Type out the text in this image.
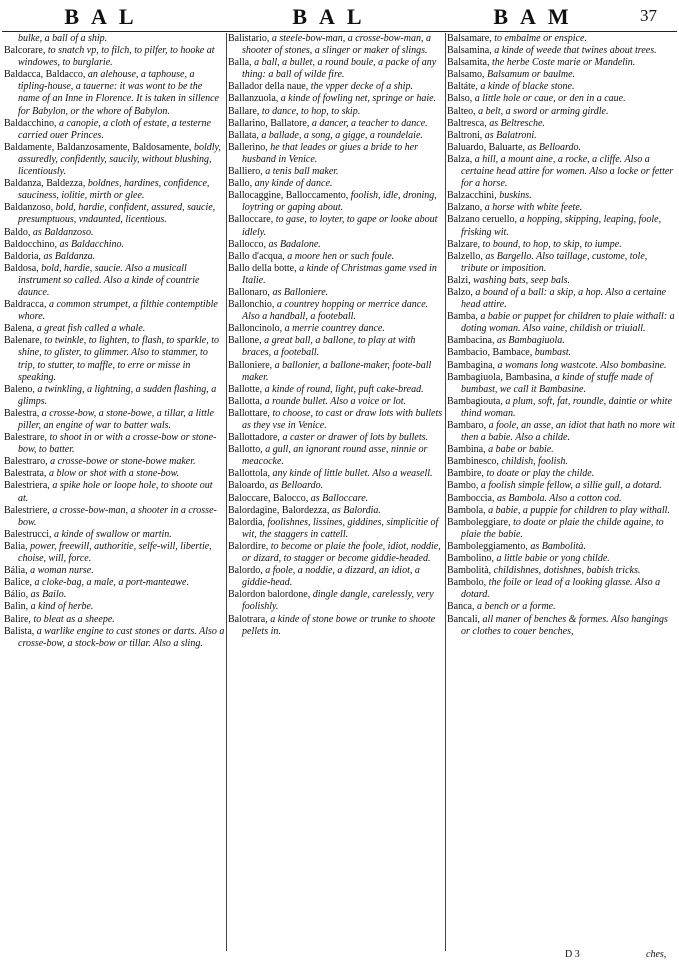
BAL	BAL	BAM	37

bulke, a ball of a ship.

Balcorare, to snatch vp, to filch, to pilfer, to hooke at windowes, to burglarie.

Baldacca, Baldacco, an alehouse, a taphouse, a tipling-house, a tauerne: it was wont to be the name of an Inne in Florence. It is taken in sillence for Babylon, or the whore of Babylon.

Baldacchino, a canopie, a cloth of estate, a testerne carried ouer Princes.

Baldamente, Baldanzosamente, Baldosamente, boldly, assuredly, confidently, saucily, without blushing, licentiously.

Baldanza, Baldezza, boldnes, hardines, confidence, sauciness, iolitie, mirth or glee.

Baldanzoso, bold, hardie, confident, assured, saucie, presumptuous, vndaunted, licentious.

Baldo, as Baldanzoso.

Baldocchino, as Baldacchino.

Baldoria, as Baldanza.

Baldosa, bold, hardie, saucie. Also a musicall instrument so called. Also a kinde of countrie daunce.

Baldracca, a common strumpet, a filthie contemptible whore.

Balena, a great fish called a whale.

Balenare, to twinkle, to lighten, to flash, to sparkle, to shine, to glister, to glimmer. Also to stammer, to trip, to stutter, to maffle, to erre or misse in speaking.

Baleno, a twinkling, a lightning, a sudden flashing, a glimps.

Balestra, a crosse-bow, a stone-bowe, a tillar, a little piller, an engine of war to batter wals.

Balestrare, to shoot in or with a crosse-bow or stone-bow, to batter.

Balestraro, a crosse-bowe or stone-bowe maker.

Balestrata, a blow or shot with a stone-bow.

Balestriera, a spike hole or loope hole, to shoote out at.

Balestriere, a crosse-bow-man, a shooter in a crosse-bow.

Balestrucci, a kinde of swallow or martin.

Balia, power, freewill, authoritie, selfe-will, libertie, choise, will, force.

Bália, a woman nurse.

Balice, a cloke-bag, a male, a port-manteawe.

Bálio, as Bailo.

Balin, a kind of herbe.

Balire, to bleat as a sheepe.

Balista, a warlike engine to cast stones or darts. Also a crosse-bow, a stock-bow or tillar. Also a sling.

Balistario, a steele-bow-man, a crosse-bow-man, a shooter of stones, a slinger or maker of slings.

Balla, a ball, a bullet, a round boule, a packe of any thing: a ball of wilde fire.

Ballador della naue, the vpper decke of a ship.

Ballanzuola, a kinde of fowling net, springe or haie.

Ballare, to dance, to hop, to skip.

Ballarino, Ballatore, a dancer, a teacher to dance.

Ballata, a ballade, a song, a gigge, a roundelaie.

Ballerino, he that leades or giues a bride to her husband in Venice.

Balliero, a tenis ball maker.

Ballo, any kinde of dance.

Ballocaggine, Balloccamento, foolish, idle, droning, loytring or gaping about.

Balloccare, to gase, to loyter, to gape or looke about idlely.

Ballocco, as Badalone.

Ballo d'acqua, a moore hen or such foule.

Ballo della botte, a kinde of Christmas game vsed in Italie.

Ballonaro, as Balloniere.

Ballonchio, a countrey hopping or merrice dance. Also a handball, a footeball.

Balloncinolo, a merrie countrey dance.

Ballone, a great ball, a ballone, to play at with braces, a footeball.

Balloniere, a ballonier, a ballone-maker, foote-ball maker.

Ballotte, a kinde of round, light, puft cake-bread.

Ballotta, a rounde bullet. Also a voice or lot.

Ballottare, to choose, to cast or draw lots with bullets as they vse in Venice.

Ballottadore, a caster or drawer of lots by bullets.

Ballotto, a gull, an ignorant round asse, ninnie or meacocke.

Ballottola, any kinde of little bullet. Also a weasell.

Baloardo, as Belloardo.

Baloccare, Balocco, as Balloccare.

Balordagine, Balordezza, as Balordia.

Balordia, foolishnes, lissines, giddines, simplicitie of wit, the staggers in cattell.

Balordire, to become or plaie the foole, idiot, noddie, or dizard, to stagger or become giddie-headed.

Balordo, a foole, a noddie, a dizzard, an idiot, a giddie-head.

Balordon balordone, dingle dangle, carelessly, very foolishly.

Balotrara, a kinde of stone bowe or trunke to shoote pellets in.

Balsamare, to embalme or enspice.

Balsamina, a kinde of weede that twines about trees.

Balsamita, the herbe Coste marie or Mandelin.

Balsamo, Balsamum or baulme.

Baltáte, a kinde of blacke stone.

Balso, a little hole or caue, or den in a caue.

Balteo, a belt, a sword or arming girdle.

Baltresca, as Beltresche.

Baltroni, as Balatroni.

Baluardo, Baluarte, as Belloardo.

Balza, a hill, a mount aine, a rocke, a cliffe. Also a certaine head attire for women. Also a locke or fetter for a horse.

Balzacchini, buskins.

Balzano, a horse with white feete.

Balzano ceruello, a hopping, skipping, leaping, foole, frisking wit.

Balzare, to bound, to hop, to skip, to iumpe.

Balzello, as Bargello. Also taillage, custome, tole, tribute or imposition.

Balzi, washing bats, seep bals.

Balzo, a bound of a ball: a skip, a hop. Also a certaine head attire.

Bamba, a babie or puppet for children to plaie withall: a doting woman. Also vaine, childish or triuiall.

Bambacina, as Bambagiuola.

Bambacio, Bambace, bumbast.

Bambagina, a womans long wastcote. Also bombasine.

Bambagiuola, Bambasina, a kinde of stuffe made of bumbast, we call it Bambasine.

Bambagiouta, a plum, soft, fat, roundle, daintie or white thind woman.

Bambaro, a foole, an asse, an idiot that hath no more wit then a babie. Also a childe.

Bambina, a babe or babie.

Bambinesco, childish, foolish.

Bambire, to doate or play the childe.

Bambo, a foolish simple fellow, a sillie gull, a dotard.

Bamboccia, as Bambola. Also a cotton cod.

Bambola, a babie, a puppie for children to play withall.

Bamboleggiare, to doate or plaie the childe againe, to plaie the babie.

Bamboleggiamento, as Bambolità.

Bambolino, a little babie or yong childe.

Bambolità, childishnes, dotishnes, babish tricks.

Bambolo, the foile or lead of a looking glasse. Also a dotard.

Banca, a bench or a forme.

Bancali, all maner of benches & formes. Also hangings or clothes to couer benches,

D 3	ches,
